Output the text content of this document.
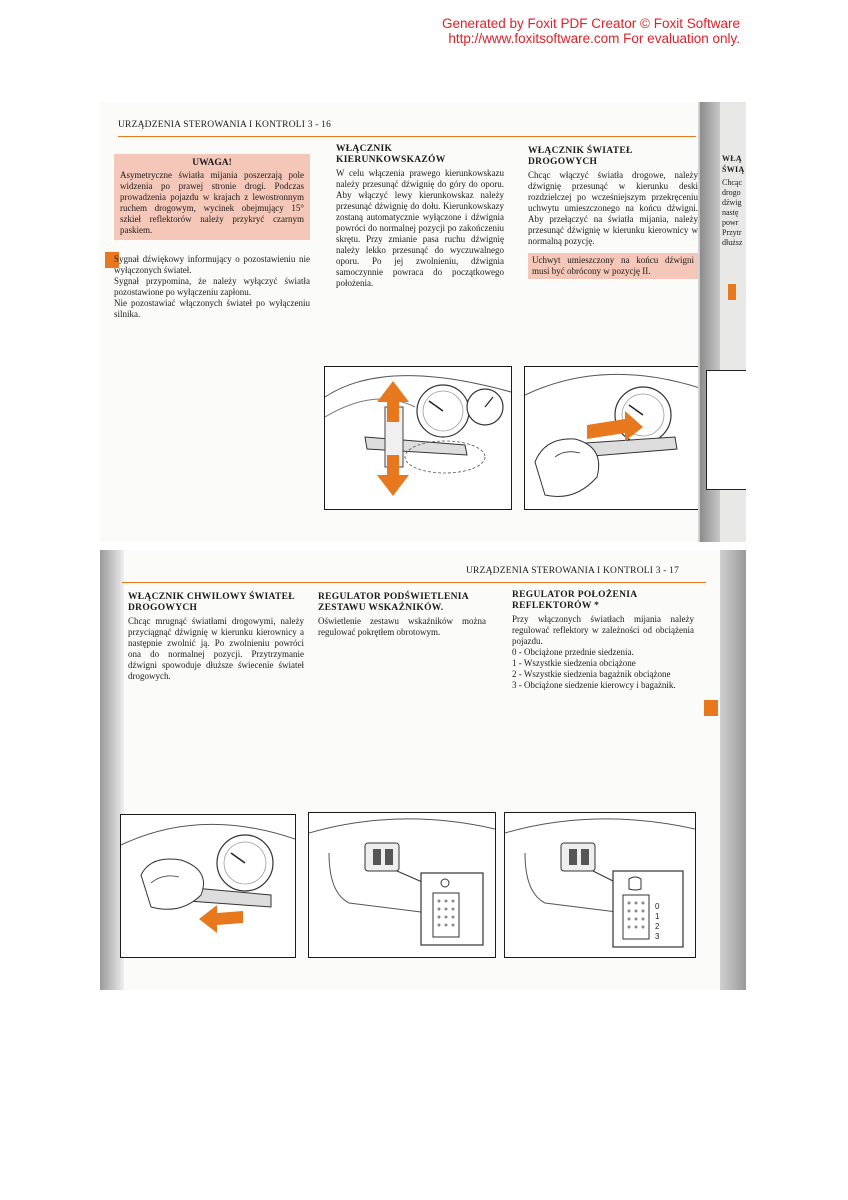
Generated by Foxit PDF Creator © Foxit Software
http://www.foxitsoftware.com For evaluation only.
URZĄDZENIA STEROWANIA I KONTROLI 3 - 16
UWAGA!

Asymetryczne światła mijania poszerzają pole widzenia po prawej stronie drogi. Podczas prowadzenia pojazdu w krajach z lewostronnym ruchem drogowym, wycinek obejmujący 15° szkieł reflektorów należy przykryć czarnym paskiem.

Sygnał dźwiękowy informujący o pozostawieniu nie wyłączonych świateł.

Sygnał przypomina, że należy wyłączyć światła pozostawione po wyłączeniu zapłonu.

Nie pozostawiać włączonych świateł po wyłączeniu silnika.

WŁĄCZNIK KIERUNKOWSKAZÓW

W celu włączenia prawego kierunkowskazu należy przesunąć dźwignię do góry do oporu. Aby włączyć lewy kierunkowskaz należy przesunąć dźwignię do dołu. Kierunkowskazy zostaną automatycznie wyłączone i dźwignia powróci do normalnej pozycji po zakończeniu skrętu. Przy zmianie pasa ruchu dźwignię należy lekko przesunąć do wyczuwalnego oporu. Po jej zwolnieniu, dźwignia samoczynnie powraca do początkowego położenia.

WŁĄCZNIK ŚWIATEŁ DROGOWYCH

Chcąc włączyć światła drogowe, należy dźwignię przesunąć w kierunku deski rozdzielczej po wcześniejszym przekręceniu uchwytu umieszczonego na końcu dźwigni. Aby przełączyć na światła mijania, należy przesunąć dźwignię w kierunku kierownicy w normalną pozycję.

Uchwyt umieszczony na końcu dźwigni musi być obrócony w pozycję II.

WŁĄ ŚWIĄ

Chcąc drogo dźwig nastę powr Przytr dłuższ

URZĄDZENIA STEROWANIA I KONTROLI 3 - 17
WŁĄCZNIK CHWILOWY ŚWIATEŁ DROGOWYCH

Chcąc mrugnąć światłami drogowymi, należy przyciągnąć dźwignię w kierunku kierownicy a następnie zwolnić ją. Po zwolnieniu powróci ona do normalnej pozycji. Przytrzymanie dźwigni spowoduje dłuższe świecenie świateł drogowych.

REGULATOR PODŚWIETLENIA ZESTAWU WSKAŹNIKÓW.

Oświetlenie zestawu wskaźników można regulować pokrętłem obrotowym.

REGULATOR POŁOŻENIA REFLEKTORÓW *

Przy włączonych światłach mijania należy regulować reflektory w zależności od obciążenia pojazdu.

0 - Obciążone przednie siedzenia.
1 - Wszystkie siedzenia obciążone
2 - Wszystkie siedzenia bagażnik obciążone
3 - Obciążone siedzenie kierowcy i bagażnik.
0
1
2
3
